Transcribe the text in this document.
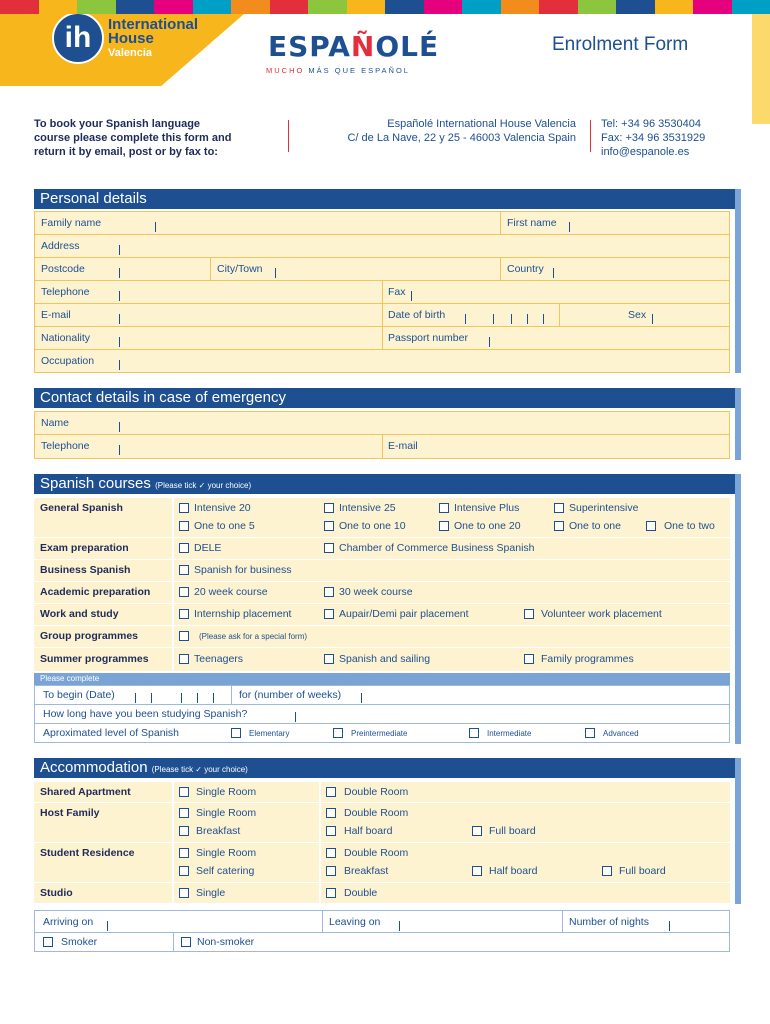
ih	International
House
Valencia	ESPAÑOLÉ
MUCHO MÁS QUE ESPAÑOL
Enrolment Form
To book your Spanish language
course please complete this form and
return it by email, post or by fax to:
Españolé International House Valencia
C/ de La Nave, 22 y 25 - 46003 Valencia Spain
Tel: +34 96 3530404
Fax: +34 96 3531929
info@espanole.es
Personal details
Family name	First name
Address
Postcode	City/Town	Country
Telephone	Fax
E-mail	Date of birth	Sex
Nationality	Passport number
Occupation
Contact details in case of emergency
Name
Telephone	E-mail
Spanish courses (Please tick ✓ your choice)
General Spanish	Intensive 20	Intensive 25	Intensive Plus	Superintensive
One to one 5	One to one 10	One to one 20	One to one	One to two
Exam preparation	DELE	Chamber of Commerce Business Spanish
Business Spanish	Spanish for business
Academic preparation	20 week course	30 week course
Work and study	Internship placement	Aupair/Demi pair placement	Volunteer work placement
Group programmes	(Please ask for a special form)
Summer programmes	Teenagers	Spanish and sailing	Family programmes
Please complete
To begin (Date)	for (number of weeks)
How long have you been studying Spanish?
Aproximated level of Spanish	Elementary	Preintermediate	Intermediate	Advanced
Accommodation (Please tick ✓ your choice)
Shared Apartment	Single Room	Double Room
Host Family	Single Room	Double Room
Breakfast	Half board	Full board
Student Residence	Single Room	Double Room
Self catering	Breakfast	Half board	Full board
Studio	Single	Double
Arriving on	Leaving on	Number of nights
Smoker	Non-smoker
